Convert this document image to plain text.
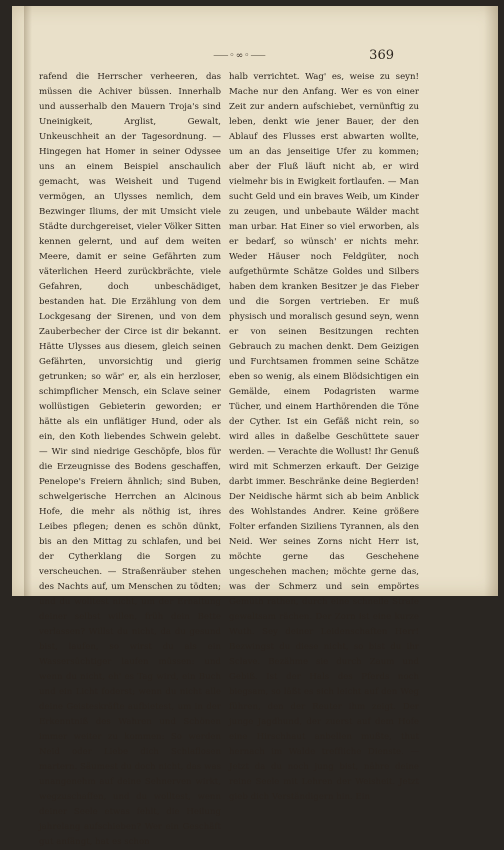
⸺◦∞◦⸺	369

rafend die Herrscher verheeren, das müssen die Achiver büssen. Innerhalb und ausserhalb den Mauern Troja's sind Uneinigkeit, Arglist, Gewalt, Unkeuschheit an der Tagesordnung. — Hingegen hat Homer in seiner Odyssee uns an einem Beispiel anschaulich gemacht, was Weisheit und Tugend vermögen, an Ulysses nemlich, dem Bezwinger Iliums, der mit Umsicht viele Städte durchgereiset, vieler Völker Sitten kennen gelernt, und auf dem weiten Meere, damit er seine Gefährten zum väterlichen Heerd zurückbrächte, viele Gefahren, doch unbeschädiget, bestanden hat. Die Erzählung von dem Lockgesang der Sirenen, und von dem Zauberbecher der Circe ist dir bekannt. Hätte Ulysses aus diesem, gleich seinen Gefährten, unvorsichtig und gierig getrunken; so wär' er, als ein herzloser, schimpflicher Mensch, ein Sclave seiner wollüstigen Gebieterin geworden; er hätte als ein unflätiger Hund, oder als ein, den Koth liebendes Schwein gelebt. — Wir sind niedrige Geschöpfe, blos für die Erzeugnisse des Bodens geschaffen, Penelope's Freiern ähnlich; sind Buben, schwelgerische Herrchen an Alcinous Hofe, die mehr als nöthig ist, ihres Leibes pflegen; denen es schön dünkt, bis an den Mittag zu schlafen, und bei der Cytherklang die Sorgen zu verscheuchen. — Straßenräuber stehen des Nachts auf, um Menschen zu tödten; und du wolltest nicht, um der Erhaltung deiner selbst willen, früh dein Bette verlassen? Willst du nicht, da du gesund bist, laufen, so wirst du als ein Wassersüchtiger laufen müssen: und wenn du nicht, eh' es Tag wird, ein Buch und ein Licht foderst; wenn du nicht alle deine Geisteskräfte aufbietest, um in der Erkenntniß des Wahren und Schönen immer weiter zu kommen: So werden Neid oder Liebe dich Schlaflosen martern. Säumest du doch nicht, das was unangenehm auf deine Sehnerven wirkt, wegzuschaffen, und du wolltest, wenn deiner Seele etwas fehlt, die Heilung jahrelang aufschieben? Wer ein Geschäft gut anfängt, hat es schon

halb verrichtet. Wag' es, weise zu seyn! Mache nur den Anfang. Wer es von einer Zeit zur andern aufschiebet, vernünftig zu leben, denkt wie jener Bauer, der den Ablauf des Flusses erst abwarten wollte, um an das jenseitige Ufer zu kommen; aber der Fluß läuft nicht ab, er wird vielmehr bis in Ewigkeit fortlaufen. — Man sucht Geld und ein braves Weib, um Kinder zu zeugen, und unbebaute Wälder macht man urbar. Hat Einer so viel erworben, als er bedarf, so wünsch' er nichts mehr. Weder Häuser noch Feldgüter, noch aufgethürmte Schätze Goldes und Silbers haben dem kranken Besitzer je das Fieber und die Sorgen vertrieben. Er muß physisch und moralisch gesund seyn, wenn er von seinen Besitzungen rechten Gebrauch zu machen denkt. Dem Geizigen und Furchtsamen frommen seine Schätze eben so wenig, als einem Blödsichtigen ein Gemälde, einem Podagristen warme Tücher, und einem Harthörenden die Töne der Cyther. Ist ein Gefäß nicht rein, so wird alles in daßelbe Geschüttete sauer werden. — Verachte die Wollust! Ihr Genuß wird mit Schmerzen erkauft. Der Geizige darbt immer. Beschränke deine Begierden! Der Neidische härmt sich ab beim Anblick des Wohlstandes Andrer. Keine größere Folter erfanden Siziliens Tyrannen, als den Neid. Wer seines Zorns nicht Herr ist, möchte gerne das Geschehene ungeschehen machen; möchte gerne das, was der Schmerz und sein empörtes Gemüth rathen, durch eine schnelle Strafe gewaltsam rächen. Der Zorn ist eine kurze Wuth. Sey deiner Leidenschaften Herr! Bezwingst du diese nicht, so bist du ihr Sclave. Bezähme sie durch Zaum und Gebiß. Ist der Hals des Pferds noch biegsam, so läßt es sich leicht auf den Weg führen, den der Reuter ihm zeigt. Der junge Jagdhund, der zuerst auf dem Hofe eine Hirschhaut anbellen mußte, thut hernach im Walde treffliche Dienste. — Jetzt da du noch jung bist, nähre deine reine Seele mit Lehren der Weisheit. Jetzt gieb dich Verständigern hin. Ein
